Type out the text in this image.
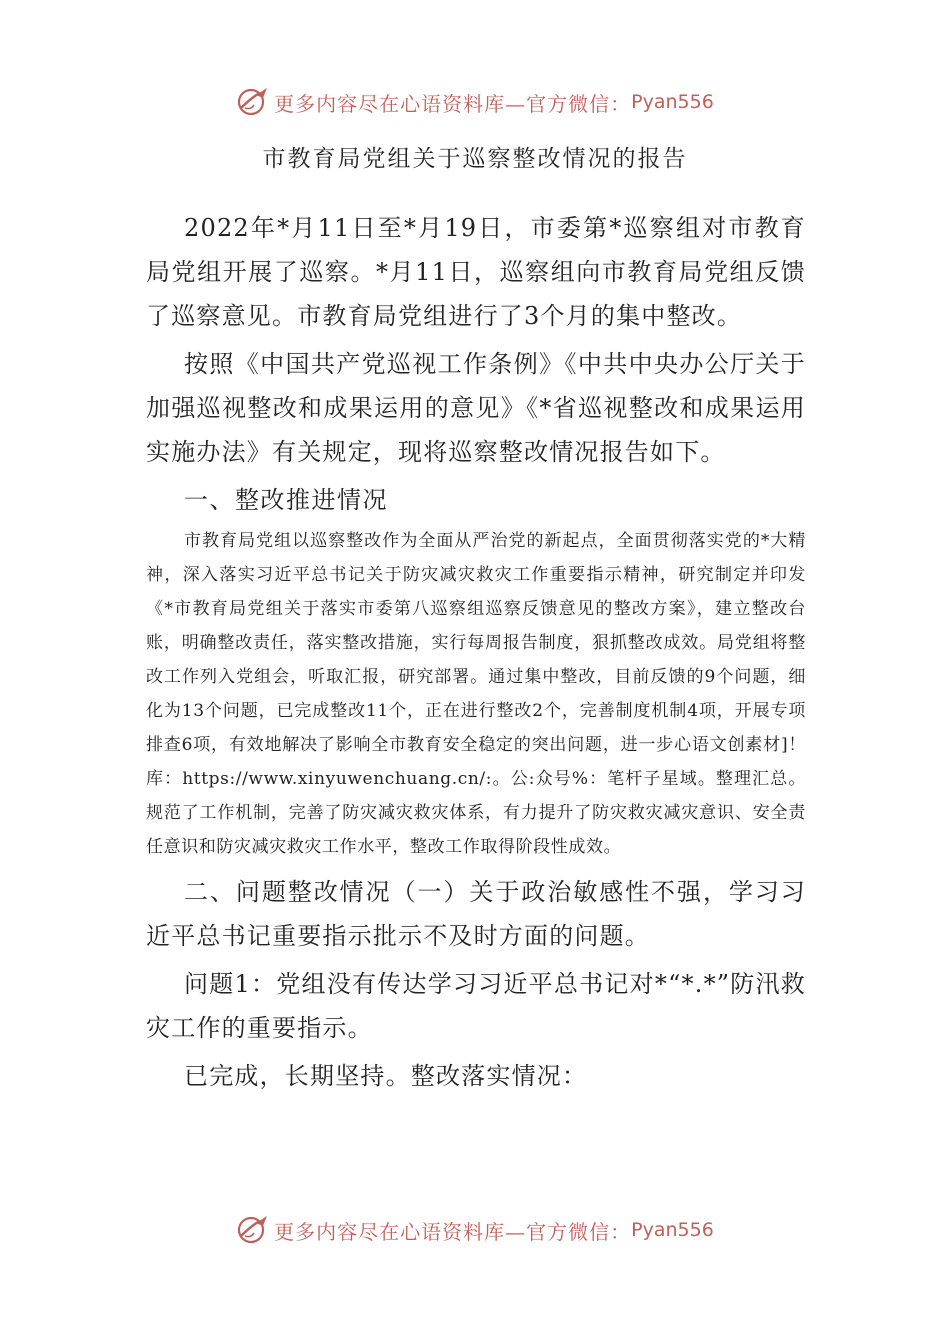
更多内容尽在心语资料库—官方微信： Pyan556
市教育局党组关于巡察整改情况的报告

2022年*月11日至*月19日，市委第*巡察组对市教育局党组开展了巡察。*月11日，巡察组向市教育局党组反馈了巡察意见。市教育局党组进行了3个月的集中整改。

按照《中国共产党巡视工作条例》《中共中央办公厅关于加强巡视整改和成果运用的意见》《*省巡视整改和成果运用实施办法》有关规定，现将巡察整改情况报告如下。

一、整改推进情况

市教育局党组以巡察整改作为全面从严治党的新起点，全面贯彻落实党的*大精神，深入落实习近平总书记关于防灾减灾救灾工作重要指示精神，研究制定并印发《*市教育局党组关于落实市委第八巡察组巡察反馈意见的整改方案》，建立整改台账，明确整改责任，落实整改措施，实行每周报告制度，狠抓整改成效。局党组将整改工作列入党组会，听取汇报，研究部署。通过集中整改，目前反馈的9个问题，细化为13个问题，已完成整改11个，正在进行整改2个，完善制度机制4项，开展专项排查6项，有效地解决了影响全市教育安全稳定的突出问题，进一步心语文创素材]！库：https://www.xinyuwenchuang.cn/:。公:众号%：笔杆子星域。整理汇总。规范了工作机制，完善了防灾减灾救灾体系，有力提升了防灾救灾减灾意识、安全责任意识和防灾减灾救灾工作水平，整改工作取得阶段性成效。

二、问题整改情况（一）关于政治敏感性不强，学习习近平总书记重要指示批示不及时方面的问题。

问题1：党组没有传达学习习近平总书记对*“*.*”防汛救灾工作的重要指示。

已完成，长期坚持。整改落实情况：

更多内容尽在心语资料库—官方微信： Pyan556
